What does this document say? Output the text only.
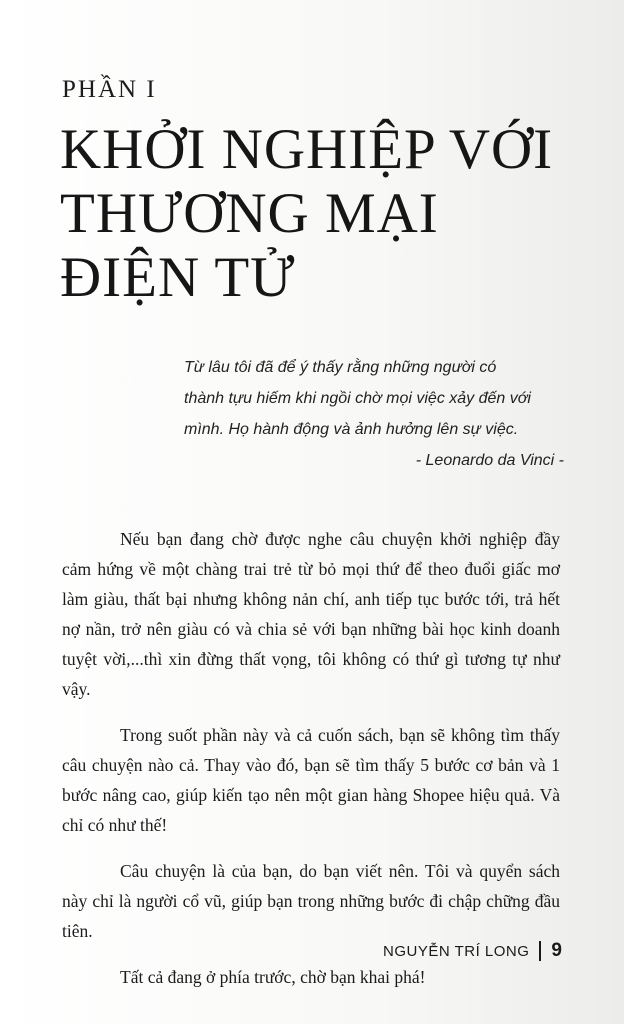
PHẦN I
KHỞI NGHIỆP VỚI
THƯƠNG MẠI
ĐIỆN TỬ
Từ lâu tôi đã để ý thấy rằng những người có
thành tựu hiếm khi ngồi chờ mọi việc xảy đến với
mình. Họ hành động và ảnh hưởng lên sự việc.
- Leonardo da Vinci -

Nếu bạn đang chờ được nghe câu chuyện khởi nghiệp đầy cảm hứng về một chàng trai trẻ từ bỏ mọi thứ để theo đuổi giấc mơ làm giàu, thất bại nhưng không nản chí, anh tiếp tục bước tới, trả hết nợ nần, trở nên giàu có và chia sẻ với bạn những bài học kinh doanh tuyệt vời,...thì xin đừng thất vọng, tôi không có thứ gì tương tự như vậy.

Trong suốt phần này và cả cuốn sách, bạn sẽ không tìm thấy câu chuyện nào cả. Thay vào đó, bạn sẽ tìm thấy 5 bước cơ bản và 1 bước nâng cao, giúp kiến tạo nên một gian hàng Shopee hiệu quả. Và chỉ có như thế!

Câu chuyện là của bạn, do bạn viết nên. Tôi và quyển sách này chỉ là người cổ vũ, giúp bạn trong những bước đi chập chững đầu tiên.

Tất cả đang ở phía trước, chờ bạn khai phá!

NGUYỄN TRÍ LONG 9
